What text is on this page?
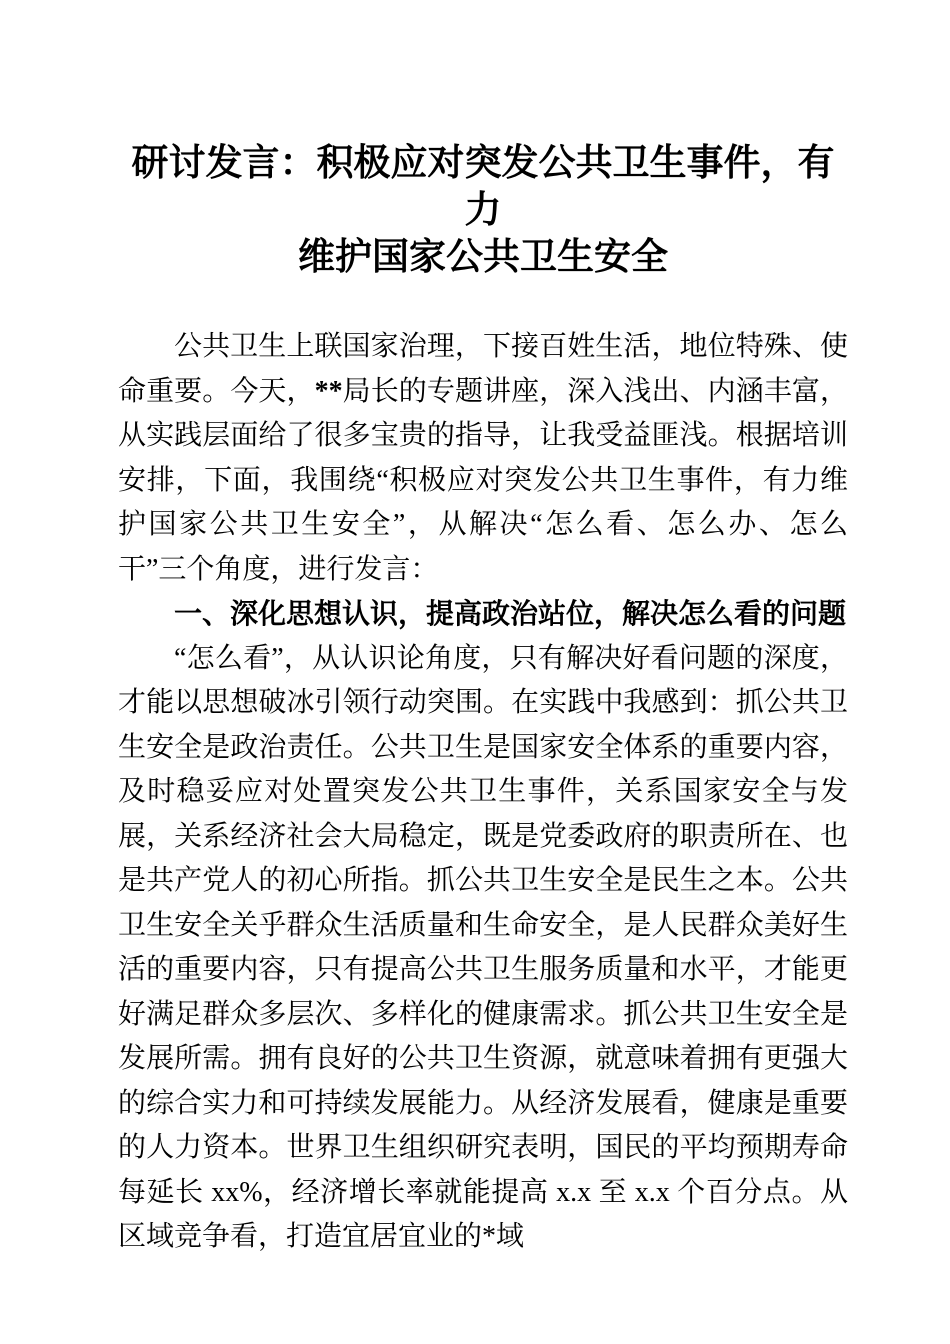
研讨发言：积极应对突发公共卫生事件，有力
维护国家公共卫生安全

公共卫生上联国家治理，下接百姓生活，地位特殊、使命重要。今天，**局长的专题讲座，深入浅出、内涵丰富，从实践层面给了很多宝贵的指导，让我受益匪浅。根据培训安排，下面，我围绕“积极应对突发公共卫生事件，有力维护国家公共卫生安全”，从解决“怎么看、怎么办、怎么干”三个角度，进行发言：

一、深化思想认识，提高政治站位，解决怎么看的问题

“怎么看”，从认识论角度，只有解决好看问题的深度，才能以思想破冰引领行动突围。在实践中我感到：抓公共卫生安全是政治责任。公共卫生是国家安全体系的重要内容，及时稳妥应对处置突发公共卫生事件，关系国家安全与发展，关系经济社会大局稳定，既是党委政府的职责所在、也是共产党人的初心所指。抓公共卫生安全是民生之本。公共卫生安全关乎群众生活质量和生命安全，是人民群众美好生活的重要内容，只有提高公共卫生服务质量和水平，才能更好满足群众多层次、多样化的健康需求。抓公共卫生安全是发展所需。拥有良好的公共卫生资源，就意味着拥有更强大的综合实力和可持续发展能力。从经济发展看，健康是重要的人力资本。世界卫生组织研究表明，国民的平均预期寿命每延长 xx%，经济增长率就能提高 x.x 至 x.x 个百分点。从区域竞争看，打造宜居宜业的*域
